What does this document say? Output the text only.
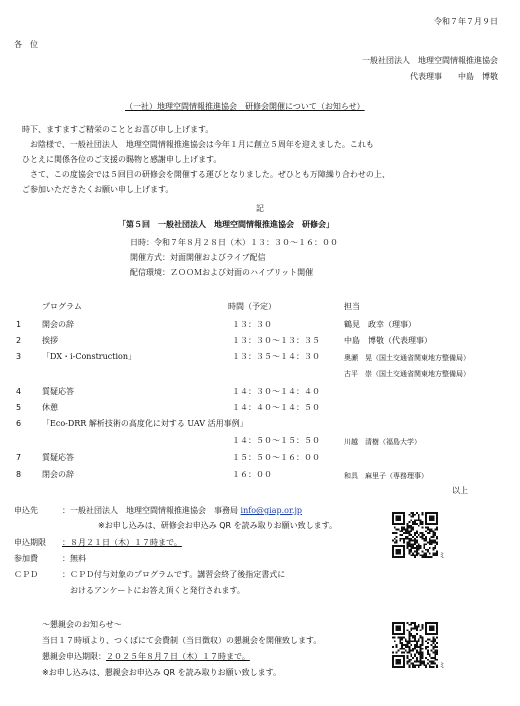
令和７年７月９日
各　位
一般社団法人　地理空間情報推進協会
代表理事　　中島　博敬
（一社）地理空間情報推進協会　研修会開催について（お知らせ）
時下、ますますご精栄のこととお喜び申し上げます。
お陰様で、一般社団法人　地理空間情報推進協会は今年１月に創立５周年を迎えました。これも
ひとえに関係各位のご支援の賜物と感謝申し上げます。
さて、この度協会では５回目の研修会を開催する運びとなりました。ぜひとも万障繰り合わせの上、
ご参加いただきたくお願い申し上げます。
記
「第５回　一般社団法人　地理空間情報推進協会　研修会」
日時：令和７年８月２８日（木）１３：３０～１６：００
開催方式：対面開催およびライブ配信
配信環境：ＺＯＯＭおよび対面のハイブリット開催
プログラム	時間（予定）	担当
1	開会の辞	１３：３０	鶴見　政幸（理事）
2	挨拶	１３：３０～１３：３５	中島　博敬（代表理事）
3	「DX・i-Construction」	１３：３５～１４：３０	奥瀬　晃（国土交通省関東地方整備局）
古平　崇（国土交通省関東地方整備局）
4	質疑応答	１４：３０～１４：４０
5	休憩	１４：４０～１４：５０
6	「Eco-DRR 解析技術の高度化に対する UAV 活用事例」
１４：５０～１５：５０	川越　清樹（福島大学）
7	質疑応答	１５：５０～１６：００
8	閉会の辞	１６：００	和具　麻里子（専務理事）
以上
申込先	：一般社団法人　地理空間情報推進協会　事務局 info@giap.or.jp
※お申し込みは、研修会お申込み QR を読み取りお願い致します。
申込期限 ：８月２１日（木）１７時まで。
参加費	：無料
ＣＰＤ	：ＣＰＤ付与対象のプログラムです。講習会終了後指定書式に
おけるアンケートにお答え頂くと発行されます。
～懇親会のお知らせ～
当日１７時頃より、つくばにて会費制（当日徴収）の懇親会を開催致します。
懇親会申込期限：２０２５年８月７日（木）１７時まで。
※お申し込みは、懇親会お申込み QR を読み取りお願い致します。
ﾐ
ﾐ
